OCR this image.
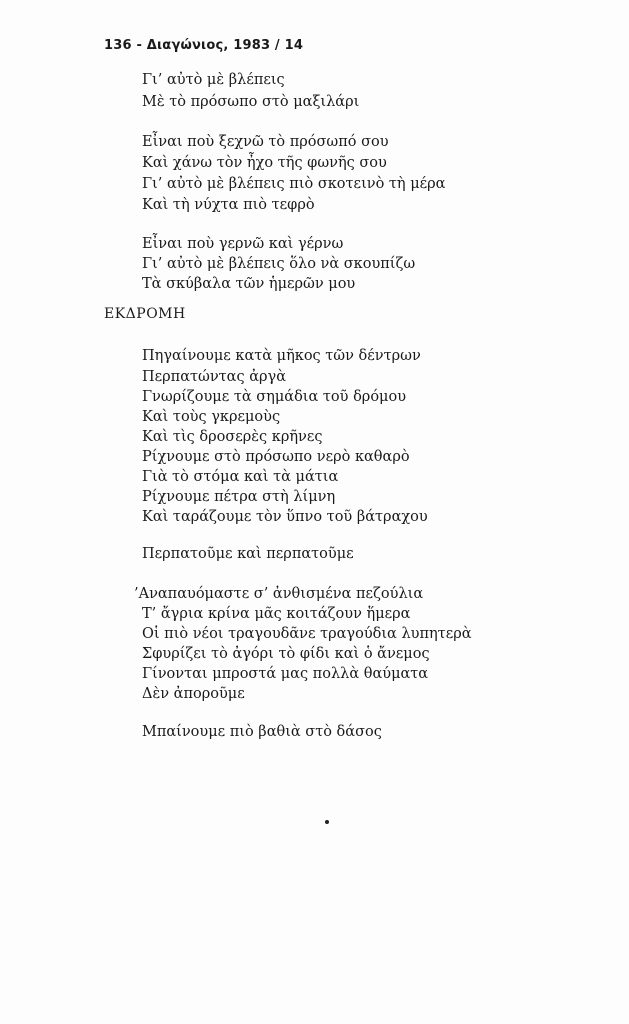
136 - Διαγώνιος, 1983 / 14
Γι’ αὐτὸ μὲ βλέπεις
Μὲ τὸ πρόσωπο στὸ μαξιλάρι
Εἶναι ποὺ ξεχνῶ τὸ πρόσωπό σου
Καὶ χάνω τὸν ἦχο τῆς φωνῆς σου
Γι’ αὐτὸ μὲ βλέπεις πιὸ σκοτεινὸ τὴ μέρα
Καὶ τὴ νύχτα πιὸ τεφρὸ
Εἶναι ποὺ γερνῶ καὶ γέρνω
Γι’ αὐτὸ μὲ βλέπεις ὅλο νὰ σκουπίζω
Τὰ σκύβαλα τῶν ἡμερῶν μου
ΕΚΔΡΟΜΗ
Πηγαίνουμε κατὰ μῆκος τῶν δέντρων
Περπατώντας ἀργὰ
Γνωρίζουμε τὰ σημάδια τοῦ δρόμου
Καὶ τοὺς γκρεμοὺς
Καὶ τὶς δροσερὲς κρῆνες
Ρίχνουμε στὸ πρόσωπο νερὸ καθαρὸ
Γιὰ τὸ στόμα καὶ τὰ μάτια
Ρίχνουμε πέτρα στὴ λίμνη
Καὶ ταράζουμε τὸν ὕπνο τοῦ βάτραχου
Περπατοῦμε καὶ περπατοῦμε
’Αναπαυόμαστε σ’ ἀνθισμένα πεζούλια
Τ’ ἄγρια κρίνα μᾶς κοιτάζουν ἥμερα
Οἱ πιὸ νέοι τραγουδᾶνε τραγούδια λυπητερὰ
Σφυρίζει τὸ ἀγόρι τὸ φίδι καὶ ὁ ἄνεμος
Γίνονται μπροστά μας πολλὰ θαύματα
Δὲν ἀποροῦμε
Μπαίνουμε πιὸ βαθιὰ στὸ δάσος
